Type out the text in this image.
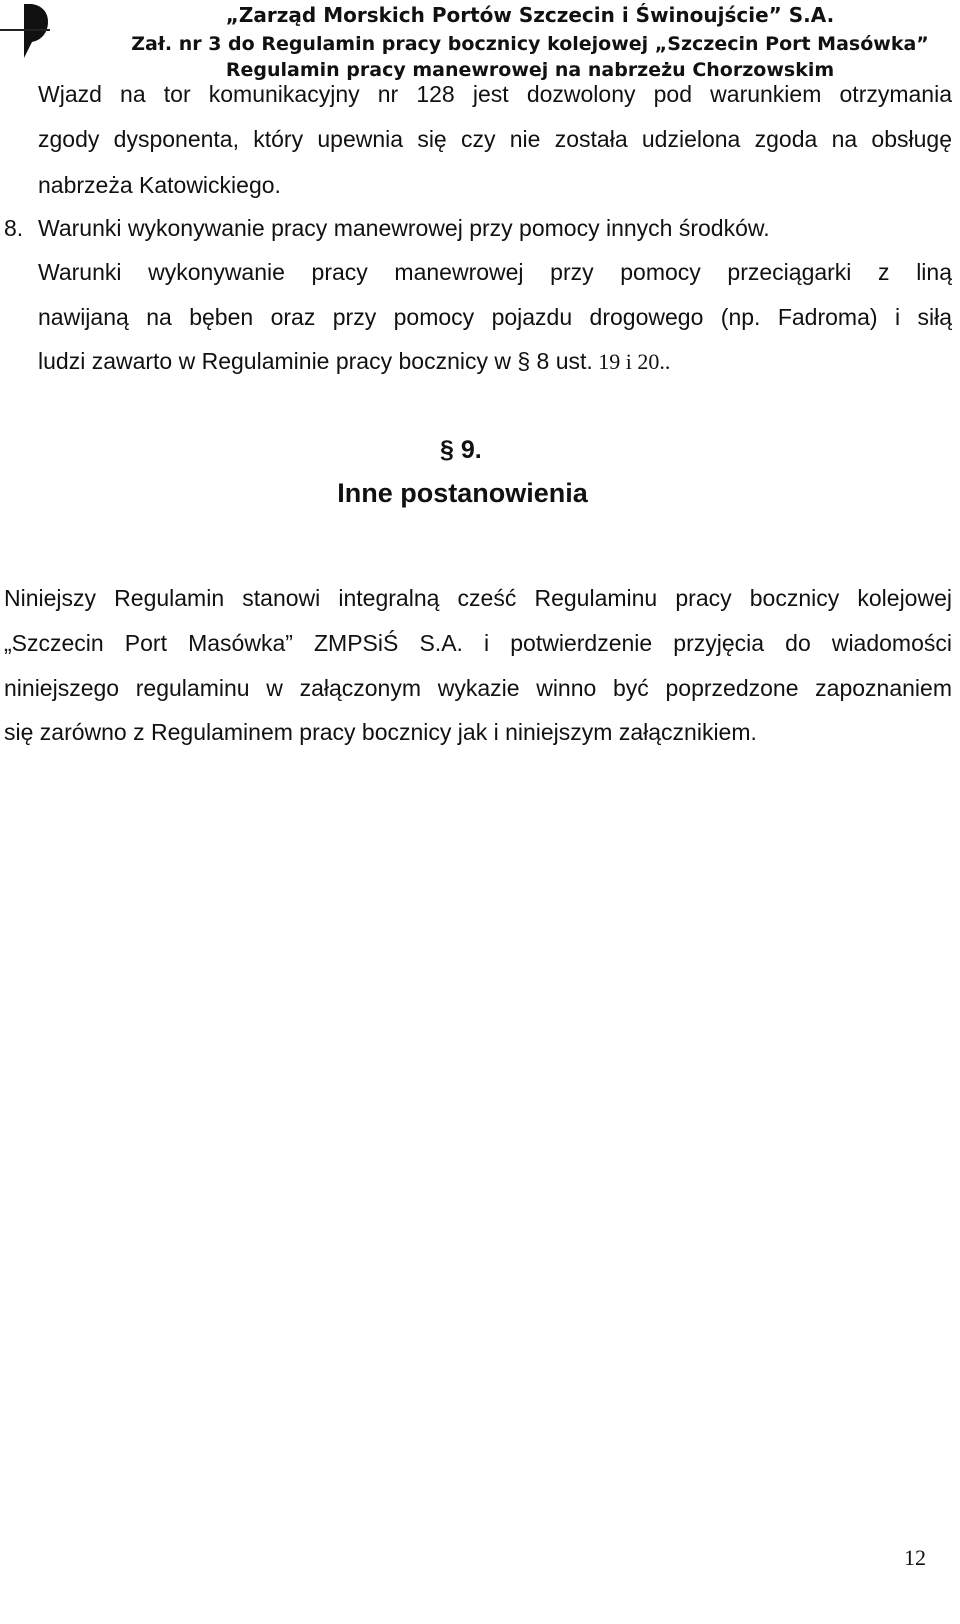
„Zarząd Morskich Portów Szczecin i Świnoujście” S.A.
Zał. nr 3 do Regulamin pracy bocznicy kolejowej „Szczecin Port Masówka”
Regulamin pracy manewrowej na nabrzeżu Chorzowskim
Wjazd na tor komunikacyjny nr 128 jest dozwolony pod warunkiem otrzymania
zgody dysponenta, który upewnia się czy nie została udzielona zgoda na obsługę
nabrzeża Katowickiego.
8. Warunki wykonywanie pracy manewrowej przy pomocy innych środków.
Warunki wykonywanie pracy manewrowej przy pomocy przeciągarki z liną
nawijaną na bęben oraz przy pomocy pojazdu drogowego (np. Fadroma) i siłą
ludzi zawarto w Regulaminie pracy bocznicy w § 8 ust. 19 i 20..
§ 9.
Inne postanowienia
Niniejszy Regulamin stanowi integralną cześć Regulaminu pracy bocznicy kolejowej
„Szczecin Port Masówka” ZMPSiŚ S.A. i potwierdzenie przyjęcia do wiadomości
niniejszego regulaminu w załączonym wykazie winno być poprzedzone zapoznaniem
się zarówno z Regulaminem pracy bocznicy jak i niniejszym załącznikiem.
12
